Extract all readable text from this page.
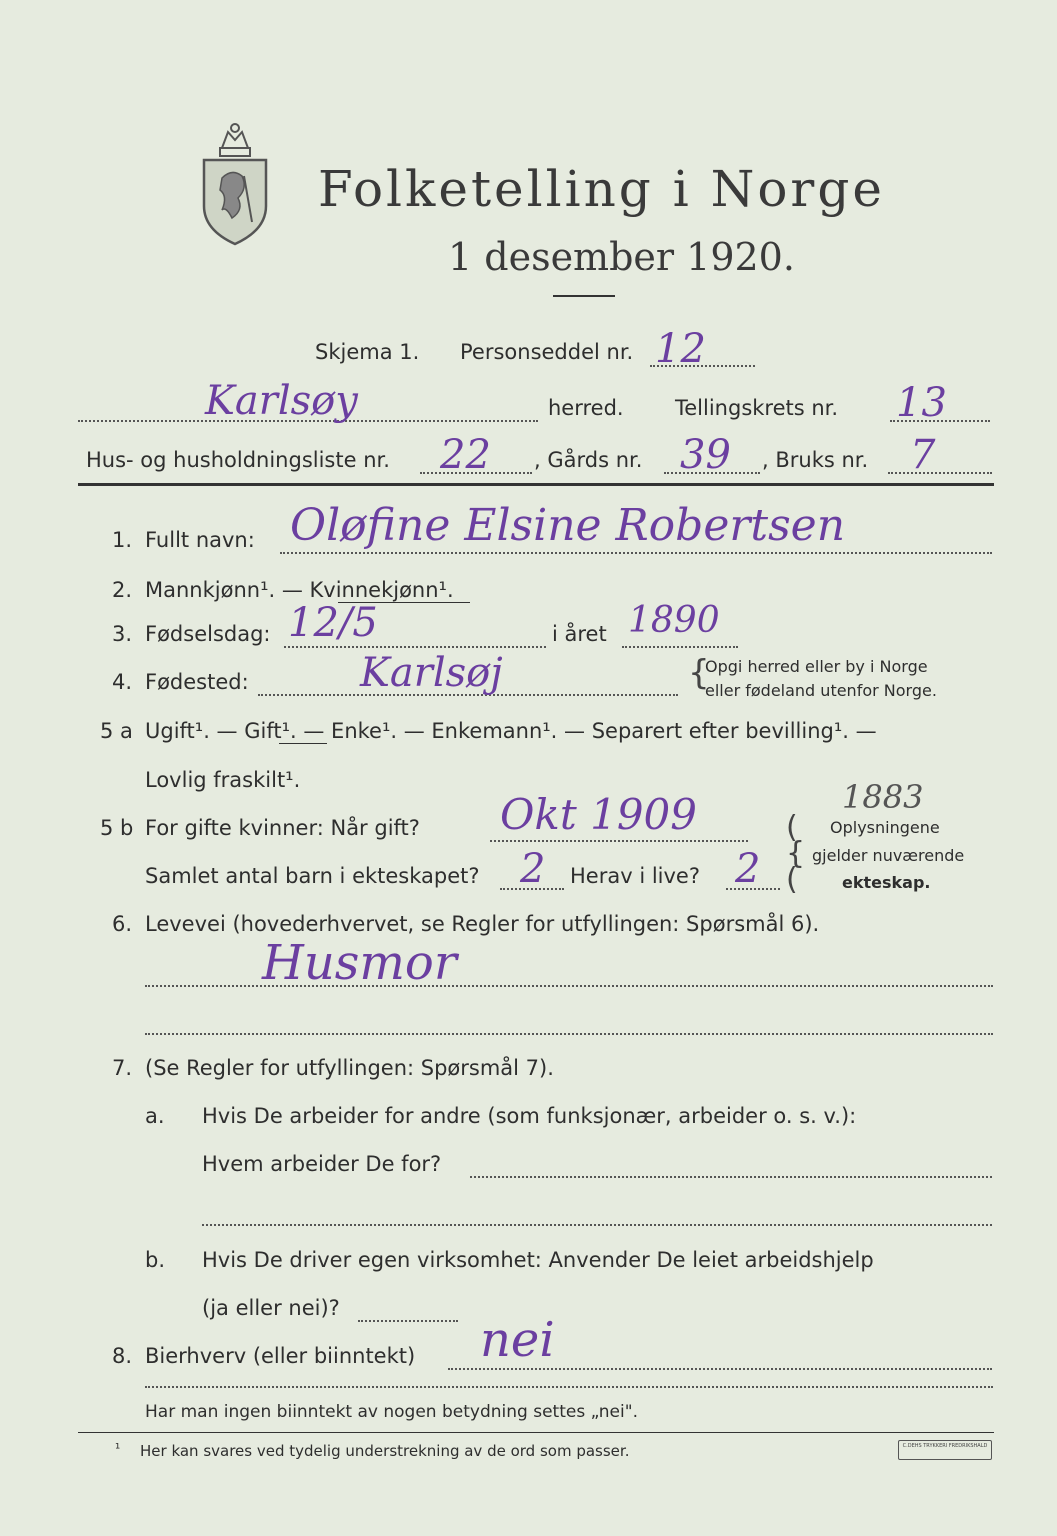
Folketelling i Norge
1 desember 1920.
Skjema 1. Personseddel nr. 12
Karlsøy	herred. Tellingskrets nr. 13
Hus- og husholdningsliste nr. 22 , Gårds nr. 39 , Bruks nr. 7
1. Fullt navn: Oløfine Elsine Robertsen
2. Mannkjønn¹. — Kvinnekjønn¹.
3. Fødselsdag: 12/5	i året 1890
4. Fødested:	Karlsøj	{
Opgi herred eller by i Norge
eller fødeland utenfor Norge.
5 a Ugift¹. — Gift¹. — Enke¹. — Enkemann¹. — Separert efter bevilling¹. —
Lovlig fraskilt¹.
5 b For gifte kvinner: Når gift? Okt 1909	1883
Samlet antal barn i ekteskapet? 2 Herav i live? 2
(
{
(
Oplysningene
gjelder nuværende
ekteskap.
6. Levevei (hovederhvervet, se Regler for utfyllingen: Spørsmål 6).
Husmor
7. (Se Regler for utfyllingen: Spørsmål 7).
a. Hvis De arbeider for andre (som funksjonær, arbeider o. s. v.):
Hvem arbeider De for?
b. Hvis De driver egen virksomhet: Anvender De leiet arbeidshjelp
(ja eller nei)?
8. Bierhverv (eller biinntekt) nei
Har man ingen biinntekt av nogen betydning settes „nei".
¹ Her kan svares ved tydelig understrekning av de ord som passer.	C.DEHS TRYKKERI FREDRIKSHALD
